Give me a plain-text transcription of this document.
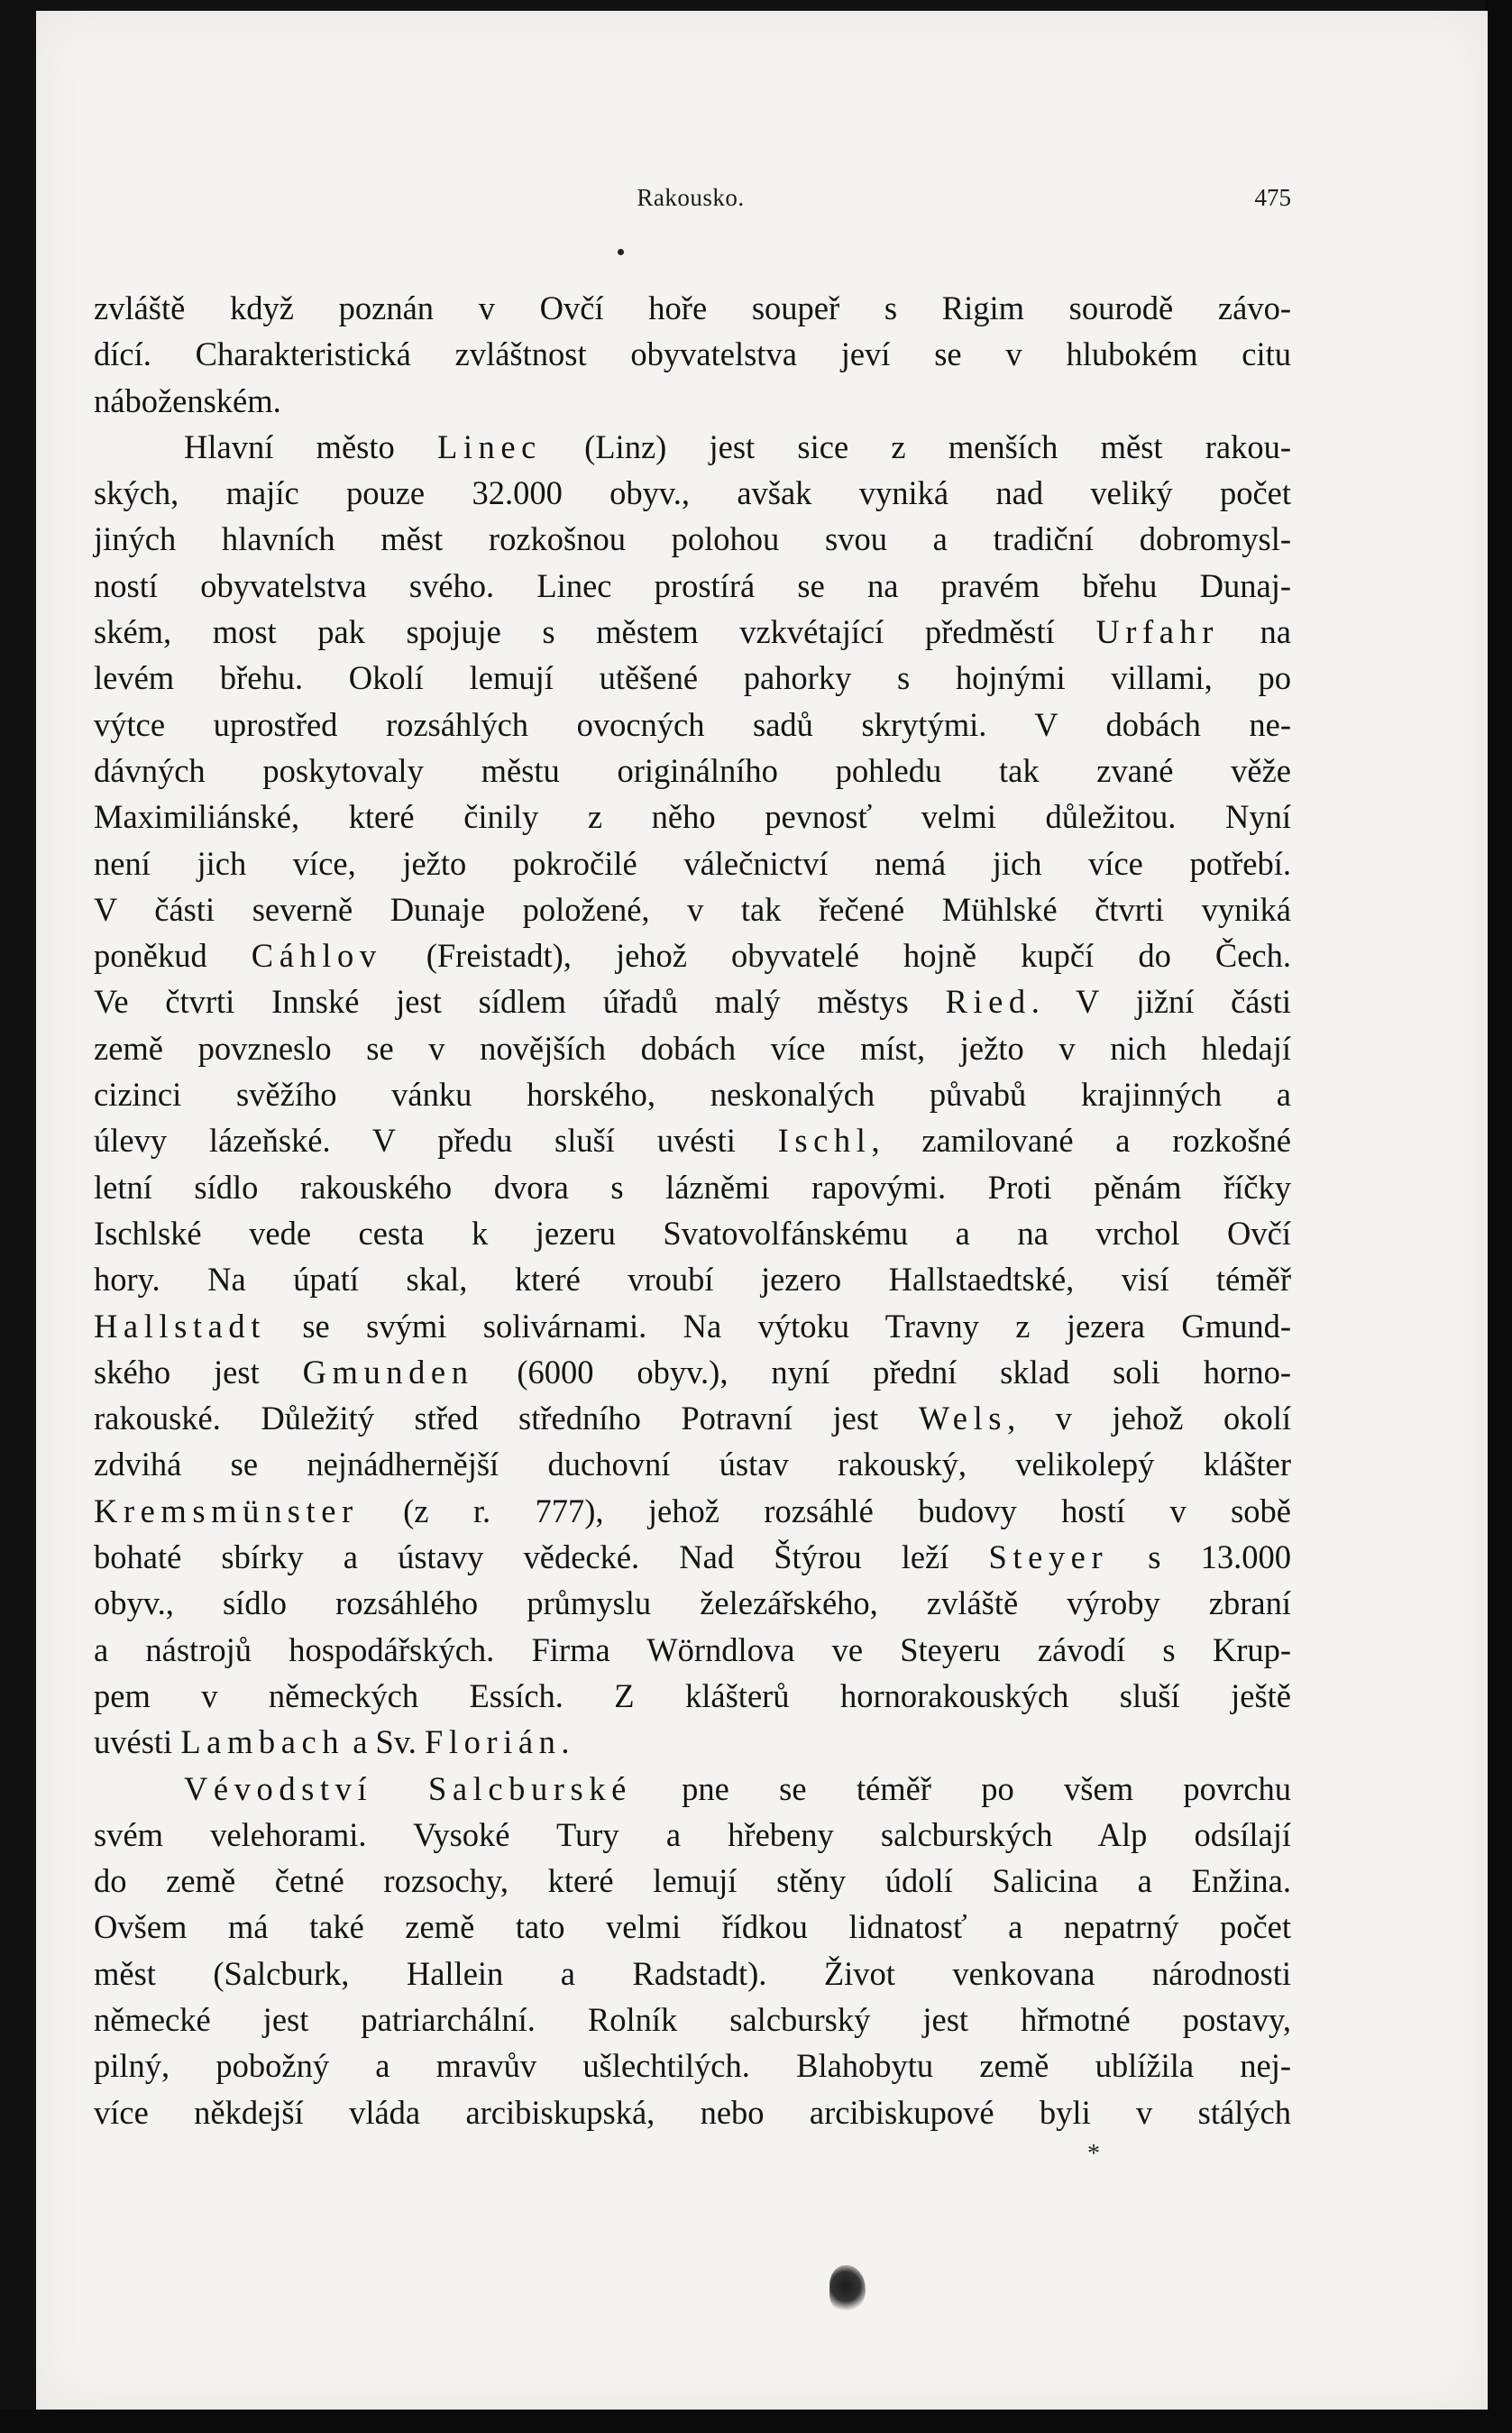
Rakousko.	475
zvláště když poznán v Ovčí hoře soupeř s Rigim sourodě závo-
dící. Charakteristická zvláštnost obyvatelstva jeví se v hlubokém citu
náboženském.
Hlavní město Linec (Linz) jest sice z menších měst rakou-
ských, majíc pouze 32.000 obyv., avšak vyniká nad veliký počet
jiných hlavních měst rozkošnou polohou svou a tradiční dobromysl-
ností obyvatelstva svého. Linec prostírá se na pravém břehu Dunaj-
ském, most pak spojuje s městem vzkvétající předměstí Urfahr na
levém břehu. Okolí lemují utěšené pahorky s hojnými villami, po
výtce uprostřed rozsáhlých ovocných sadů skrytými. V dobách ne-
dávných poskytovaly městu originálního pohledu tak zvané věže
Maximiliánské, které činily z něho pevnosť velmi důležitou. Nyní
není jich více, ježto pokročilé válečnictví nemá jich více potřebí.
V části severně Dunaje položené, v tak řečené Mühlské čtvrti vyniká
poněkud Cáhlov (Freistadt), jehož obyvatelé hojně kupčí do Čech.
Ve čtvrti Innské jest sídlem úřadů malý městys Ried. V jižní části
země povzneslo se v novějších dobách více míst, ježto v nich hledají
cizinci svěžího vánku horského, neskonalých půvabů krajinných a
úlevy lázeňské. V předu sluší uvésti Ischl, zamilované a rozkošné
letní sídlo rakouského dvora s lázněmi rapovými. Proti pěnám říčky
Ischlské vede cesta k jezeru Svatovolfánskému a na vrchol Ovčí
hory. Na úpatí skal, které vroubí jezero Hallstaedtské, visí téměř
Hallstadt se svými solivárnami. Na výtoku Travny z jezera Gmund-
ského jest Gmunden (6000 obyv.), nyní přední sklad soli horno-
rakouské. Důležitý střed středního Potravní jest Wels, v jehož okolí
zdvihá se nejnádhernější duchovní ústav rakouský, velikolepý klášter
Kremsmünster (z r. 777), jehož rozsáhlé budovy hostí v sobě
bohaté sbírky a ústavy vědecké. Nad Štýrou leží Steyer s 13.000
obyv., sídlo rozsáhlého průmyslu železářského, zvláště výroby zbraní
a nástrojů hospodářských. Firma Wörndlova ve Steyeru závodí s Krup-
pem v německých Essích. Z klášterů hornorakouských sluší ještě
uvésti Lambach a Sv. Florián.
Vévodství Salcburské pne se téměř po všem povrchu
svém velehorami. Vysoké Tury a hřebeny salcburských Alp odsílají
do země četné rozsochy, které lemují stěny údolí Salicina a Enžina.
Ovšem má také země tato velmi řídkou lidnatosť a nepatrný počet
měst (Salcburk, Hallein a Radstadt). Život venkovana národnosti
německé jest patriarchální. Rolník salcburský jest hřmotné postavy,
pilný, pobožný a mravův ušlechtilých. Blahobytu země ublížila nej-
více někdejší vláda arcibiskupská, nebo arcibiskupové byli v stálých
*
